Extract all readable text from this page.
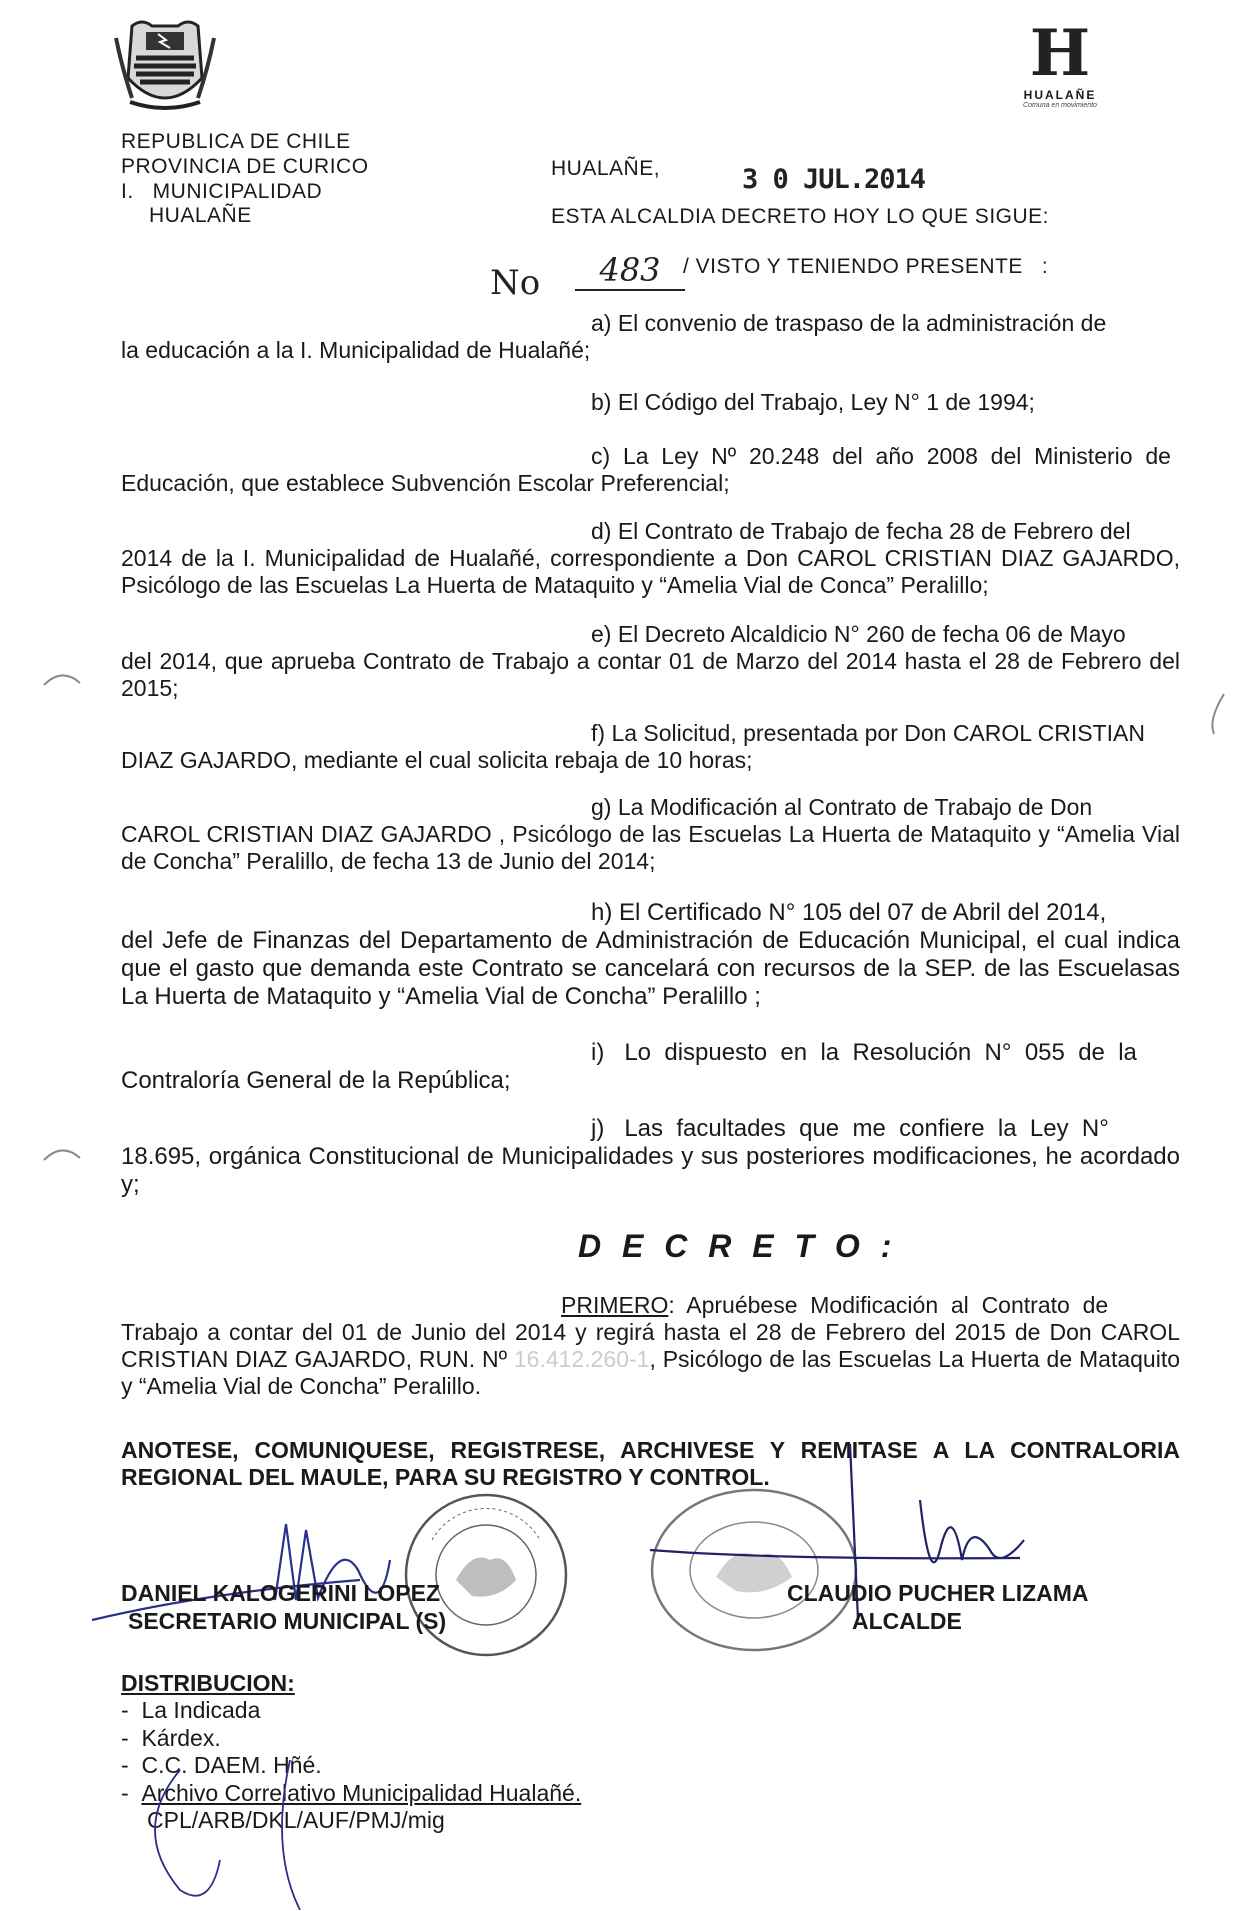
REPUBLICA DE CHILE
PROVINCIA DE CURICO
I.   MUNICIPALIDAD
HUALAÑE
H
HUALAÑE
Comuna en movimiento
HUALAÑE,	3 0 JUL.2014
ESTA ALCALDIA DECRETO HOY LO QUE SIGUE:
No	483	/ VISTO Y TENIENDO PRESENTE   :
a) El convenio de traspaso de la administración de
la educación a la I. Municipalidad de Hualañé;
b) El Código del Trabajo, Ley N° 1 de 1994;
c)  La  Ley  Nº  20.248  del  año  2008  del  Ministerio  de
Educación, que establece Subvención Escolar Preferencial;
d) El Contrato de Trabajo de fecha 28 de Febrero del
2014 de la I. Municipalidad de Hualañé, correspondiente a Don CAROL CRISTIAN DIAZ GAJARDO, Psicólogo de las Escuelas La Huerta de Mataquito y “Amelia Vial de Conca” Peralillo;
e) El Decreto Alcaldicio N° 260 de fecha 06 de Mayo
del 2014, que aprueba Contrato de Trabajo a contar 01 de Marzo del 2014 hasta el 28 de Febrero del 2015;
f) La Solicitud, presentada por Don CAROL CRISTIAN
DIAZ GAJARDO, mediante el cual solicita rebaja de 10 horas;
g) La Modificación al Contrato de Trabajo de Don
CAROL CRISTIAN DIAZ GAJARDO , Psicólogo de las Escuelas La Huerta de Mataquito y “Amelia Vial de Concha” Peralillo, de fecha 13 de Junio del 2014;
h) El Certificado N° 105 del 07 de Abril del 2014,
del Jefe de Finanzas del Departamento de Administración de Educación Municipal, el cual indica que el gasto que demanda este Contrato se cancelará con recursos de la SEP. de las Escuelasas La Huerta de Mataquito y “Amelia Vial de Concha” Peralillo ;
i)   Lo  dispuesto  en  la  Resolución  N°  055  de  la
Contraloría General de la República;
j)   Las  facultades  que  me  confiere  la  Ley  N°
18.695, orgánica Constitucional de Municipalidades y sus posteriores modificaciones, he acordado y;
D E C R E T O :
PRIMERO:  Apruébese  Modificación  al  Contrato  de
Trabajo a contar del 01 de Junio del 2014 y regirá hasta el 28 de Febrero del 2015 de Don CAROL CRISTIAN DIAZ GAJARDO, RUN. Nº 16.412.260-1, Psicólogo de las Escuelas La Huerta de Mataquito y “Amelia Vial de Concha” Peralillo.
ANOTESE, COMUNIQUESE, REGISTRESE, ARCHIVESE Y REMITASE A LA CONTRALORIA REGIONAL DEL MAULE, PARA SU REGISTRO Y CONTROL.
DANIEL KALOGERINI LOPEZ
SECRETARIO MUNICIPAL (S)
CLAUDIO PUCHER LIZAMA
ALCALDE
DISTRIBUCION:
-  La Indicada
-  Kárdex.
-  C.C. DAEM. Hñé.
-  Archivo Correlativo Municipalidad Hualañé.
CPL/ARB/DKL/AUF/PMJ/mig
